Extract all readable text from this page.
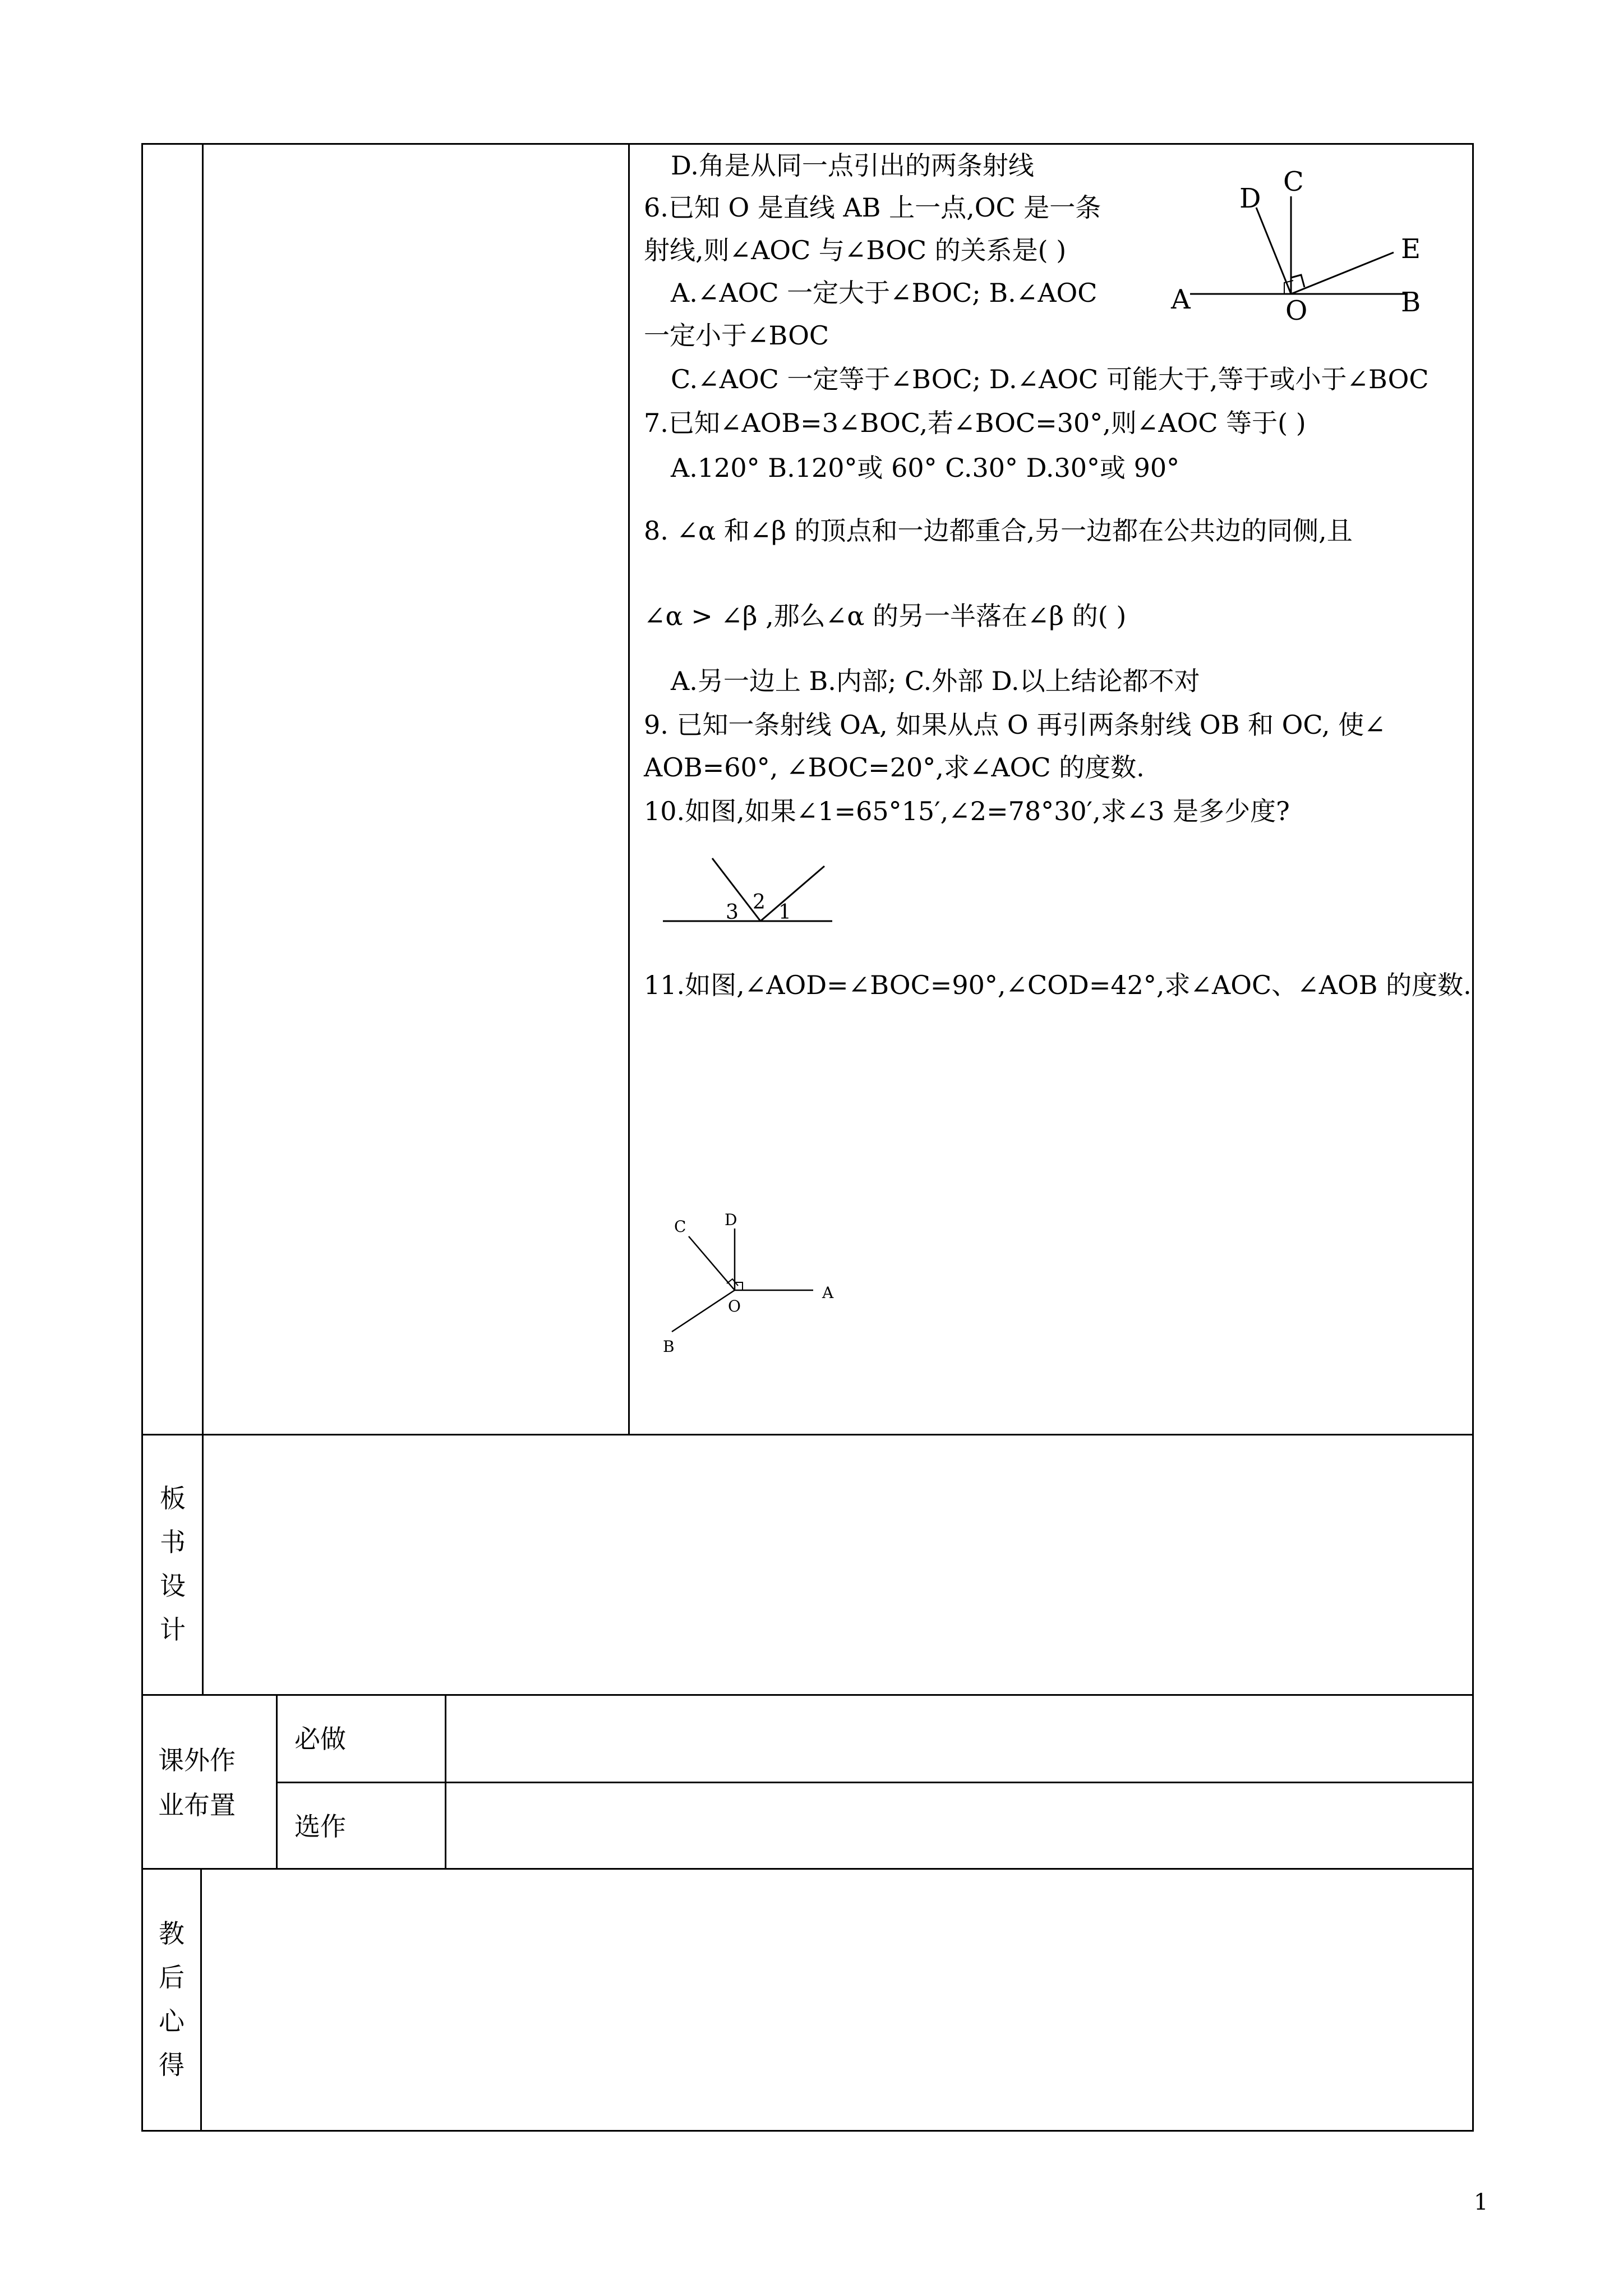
D.角是从同一点引出的两条射线
6.已知 O 是直线 AB 上一点,OC 是一条
射线,则∠AOC 与∠BOC 的关系是( )
A.∠AOC 一定大于∠BOC; B.∠AOC
一定小于∠BOC
C.∠AOC 一定等于∠BOC; D.∠AOC 可能大于,等于或小于∠BOC
7.已知∠AOB=3∠BOC,若∠BOC=30°,则∠AOC 等于( )
A.120° B.120°或 60° C.30° D.30°或 90°
8. ∠α 和∠β 的顶点和一边都重合,另一边都在公共边的同侧,且
∠α > ∠β ,那么∠α 的另一半落在∠β 的( )
A.另一边上 B.内部; C.外部 D.以上结论都不对
9. 已知一条射线 OA, 如果从点 O 再引两条射线 OB 和 OC, 使∠
AOB=60°, ∠BOC=20°,求∠AOC 的度数.
10.如图,如果∠1=65°15′,∠2=78°30′,求∠3 是多少度?
11.如图,∠AOD=∠BOC=90°,∠COD=42°,求∠AOC、∠AOB 的度数.
C
D
E
A	O	B
3 2 1
C D
O
A
B
板
书
设
计
课外作
业布置
必做
选作
教
后
心
得
1
